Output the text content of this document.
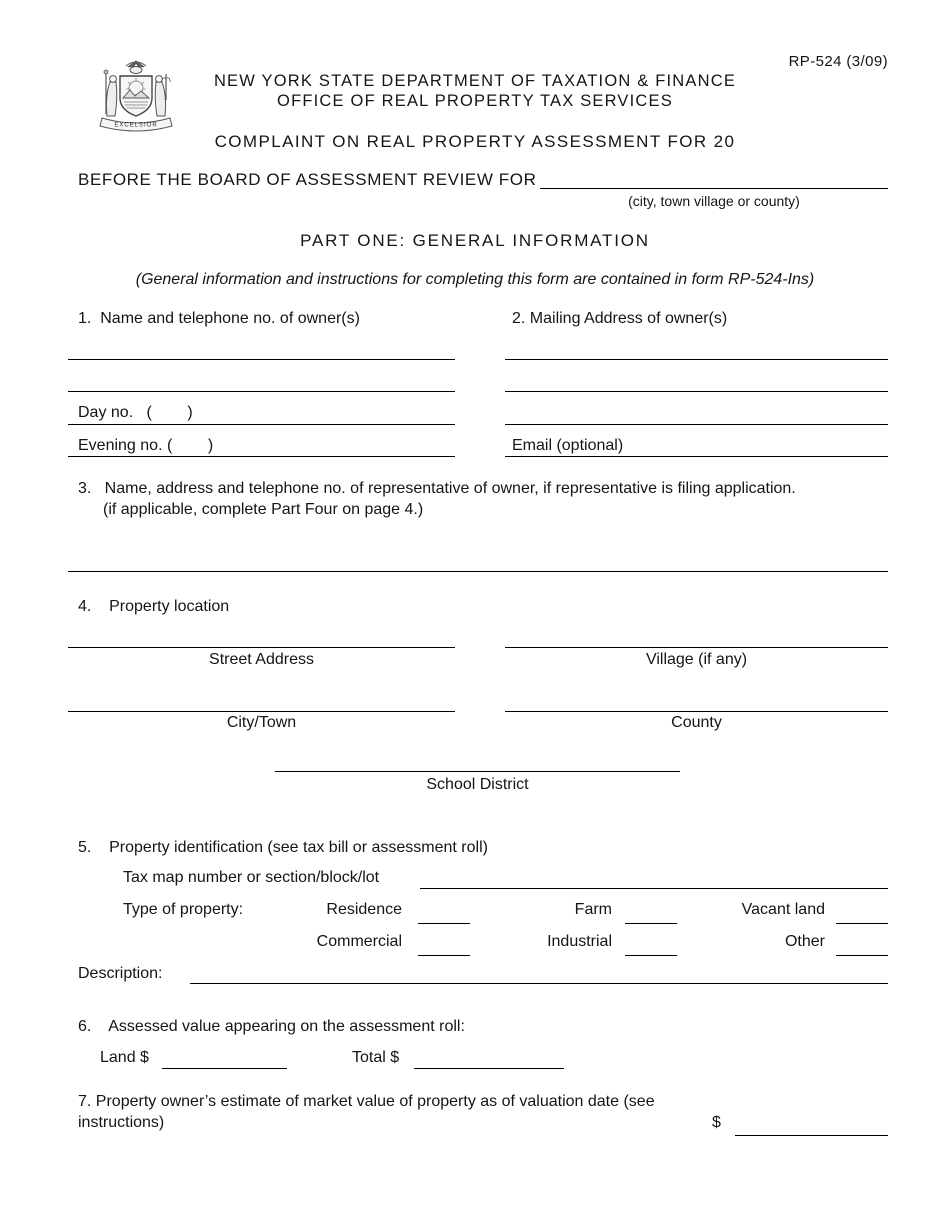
EXCELSIOR

RP-524 (3/09)
NEW YORK STATE DEPARTMENT OF TAXATION & FINANCE
OFFICE OF REAL PROPERTY TAX SERVICES
COMPLAINT ON REAL PROPERTY ASSESSMENT FOR 20
BEFORE THE BOARD OF ASSESSMENT REVIEW FOR
(city, town village or county)
PART ONE: GENERAL INFORMATION
(General information and instructions for completing this form are contained in form RP-524-Ins)
1.  Name and telephone no. of owner(s)	2. Mailing Address of owner(s)
Day no.   (        )
Evening no. (        )	Email (optional)
3.   Name, address and telephone no. of representative of owner, if representative is filing application.
(if applicable, complete Part Four on page 4.)
4.    Property location
Street Address	Village (if any)
City/Town	County
School District
5.    Property identification (see tax bill or assessment roll)
Tax map number or section/block/lot
Type of property:	Residence	Farm	Vacant land
Commercial	Industrial	Other
Description:
6.    Assessed value appearing on the assessment roll:
Land $	Total $
7. Property owner’s estimate of market value of property as of valuation date (see
instructions)	$
